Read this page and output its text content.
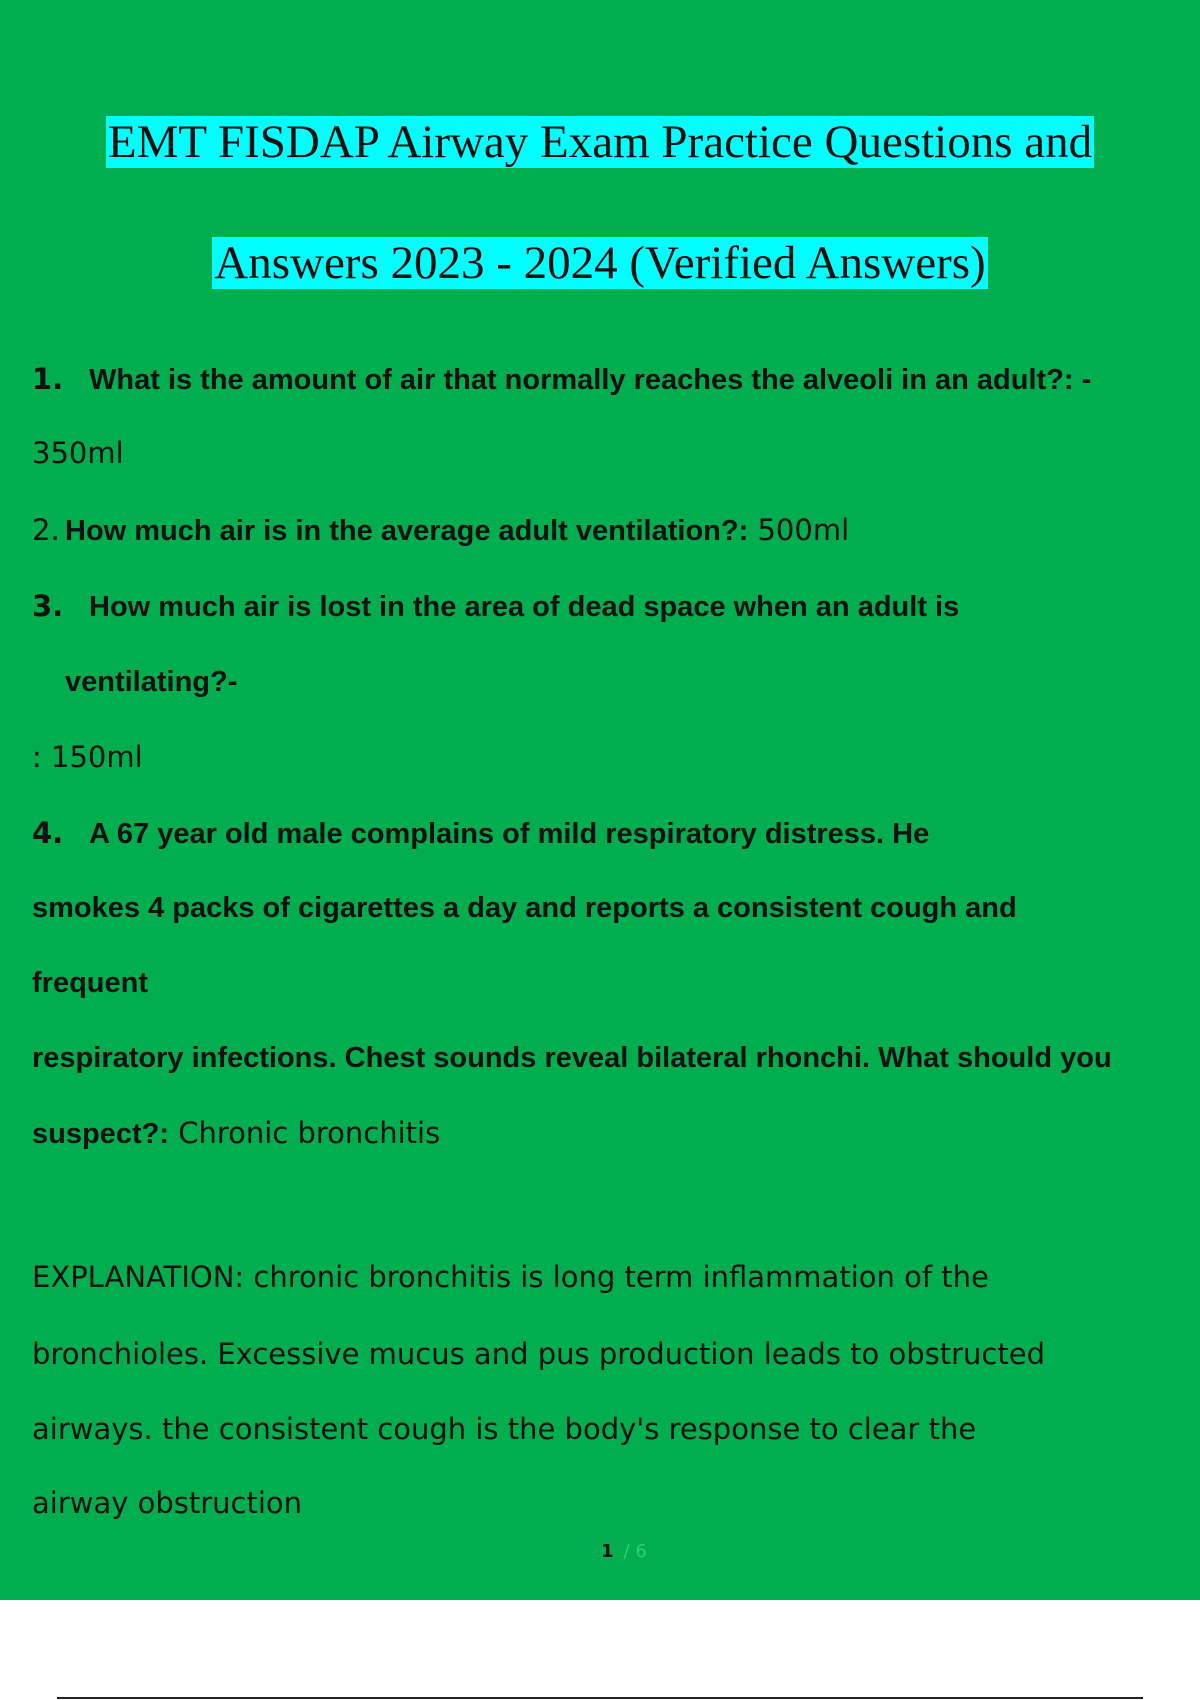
EMT FISDAP Airway Exam Practice Questions and
Answers 2023 - 2024 (Verified Answers)
1. What is the amount of air that normally reaches the alveoli in an adult?: -
350ml
2. How much air is in the average adult ventilation?: 500ml
3. How much air is lost in the area of dead space when an adult is
ventilating?-
: 150ml
4. A 67 year old male complains of mild respiratory distress. He
smokes 4 packs of cigarettes a day and reports a consistent cough and
frequent
respiratory infections. Chest sounds reveal bilateral rhonchi. What should you
suspect?: Chronic bronchitis
EXPLANATION: chronic bronchitis is long term inflammation of the
bronchioles. Excessive mucus and pus production leads to obstructed
airways. the consistent cough is the body's response to clear the
airway obstruction
1 / 6
